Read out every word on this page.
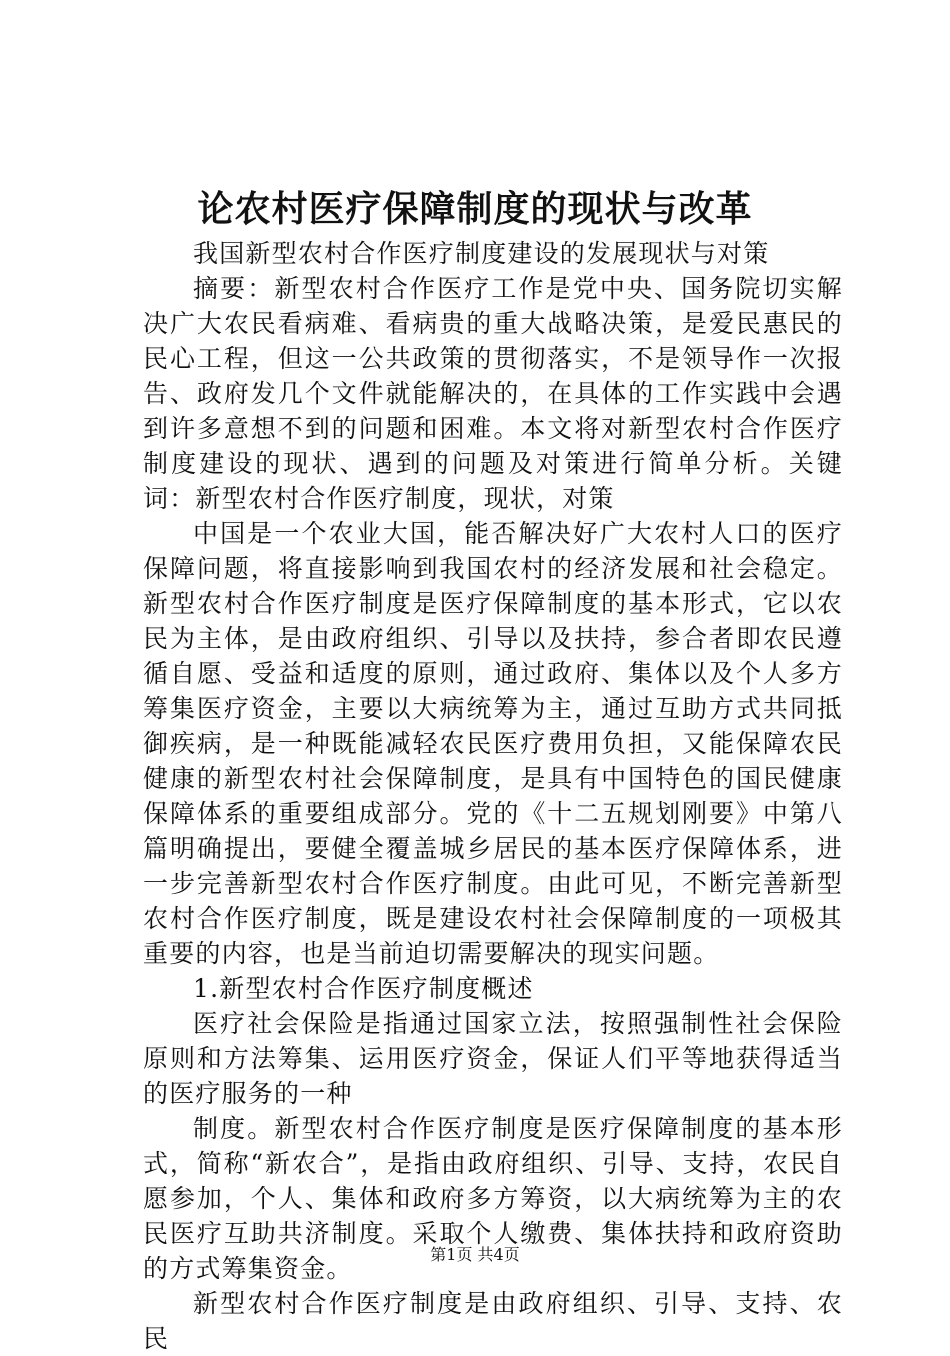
论农村医疗保障制度的现状与改革

我国新型农村合作医疗制度建设的发展现状与对策

摘要：新型农村合作医疗工作是党中央、国务院切实解决广大农民看病难、看病贵的重大战略决策，是爱民惠民的民心工程，但这一公共政策的贯彻落实，不是领导作一次报告、政府发几个文件就能解决的，在具体的工作实践中会遇到许多意想不到的问题和困难。本文将对新型农村合作医疗制度建设的现状、遇到的问题及对策进行简单分析。关键词：新型农村合作医疗制度，现状，对策

中国是一个农业大国，能否解决好广大农村人口的医疗保障问题，将直接影响到我国农村的经济发展和社会稳定。新型农村合作医疗制度是医疗保障制度的基本形式，它以农民为主体，是由政府组织、引导以及扶持，参合者即农民遵循自愿、受益和适度的原则，通过政府、集体以及个人多方筹集医疗资金，主要以大病统筹为主，通过互助方式共同抵御疾病，是一种既能减轻农民医疗费用负担，又能保障农民健康的新型农村社会保障制度，是具有中国特色的国民健康保障体系的重要组成部分。党的《十二五规划刚要》中第八篇明确提出，要健全覆盖城乡居民的基本医疗保障体系，进一步完善新型农村合作医疗制度。由此可见，不断完善新型农村合作医疗制度，既是建设农村社会保障制度的一项极其重要的内容，也是当前迫切需要解决的现实问题。

1.新型农村合作医疗制度概述

医疗社会保险是指通过国家立法，按照强制性社会保险原则和方法筹集、运用医疗资金，保证人们平等地获得适当的医疗服务的一种

制度。新型农村合作医疗制度是医疗保障制度的基本形式，简称“新农合”，是指由政府组织、引导、支持，农民自愿参加，个人、集体和政府多方筹资，以大病统筹为主的农民医疗互助共济制度。采取个人缴费、集体扶持和政府资助的方式筹集资金。

新型农村合作医疗制度是由政府组织、引导、支持、农民

第1页 共4页
